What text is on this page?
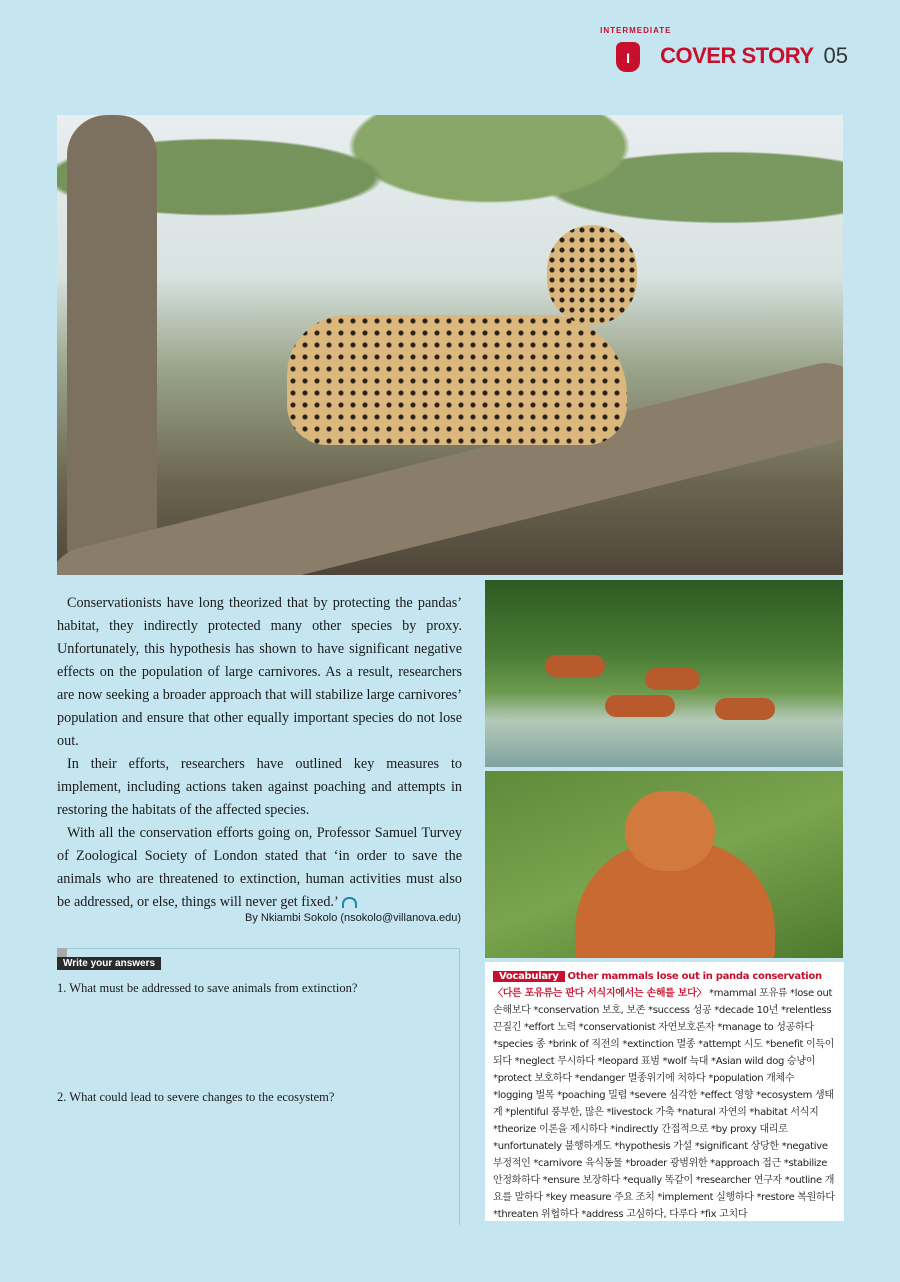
INTERMEDIATE
I	COVER STORY 05

Conservationists have long theorized that by protecting the pandas’ habitat, they indirectly protected many other species by proxy. Unfortunately, this hypothesis has shown to have significant negative effects on the population of large carnivores. As a result, researchers are now seeking a broader approach that will stabilize large carnivores’ population and ensure that other equally important species do not lose out.

In their efforts, researchers have outlined key measures to implement, including actions taken against poaching and attempts in restoring the habitats of the affected species.

With all the conservation efforts going on, Professor Samuel Turvey of Zoological Society of London stated that ‘in order to save the animals who are threatened to extinction, human activities must also be addressed, or else, things will never get fixed.’

By Nkiambi Sokolo (nsokolo@villanova.edu)
Write your answers
1. What must be addressed to save animals from extinction?
2. What could lead to severe changes to the ecosystem?
Vocabulary Other mammals lose out in panda conservation 〈다른 포유류는 판다 서식지에서는 손해를 보다〉 *mammal 포유류 *lose out 손해보다 *conservation 보호, 보존 *success 성공 *decade 10년 *relentless 끈질긴 *effort 노력 *conservationist 자연보호론자 *manage to 성공하다 *species 종 *brink of 직전의 *extinction 멸종 *attempt 시도 *benefit 이득이 되다 *neglect 무시하다 *leopard 표범 *wolf 늑대 *Asian wild dog 승냥이 *protect 보호하다 *endanger 멸종위기에 처하다 *population 개체수 *logging 벌목 *poaching 밀렵 *severe 심각한 *effect 영향 *ecosystem 생태계 *plentiful 풍부한, 많은 *livestock 가축 *natural 자연의 *habitat 서식지 *theorize 이론을 제시하다 *indirectly 간접적으로 *by proxy 대리로 *unfortunately 불행하게도 *hypothesis 가설 *significant 상당한 *negative 부정적인 *carnivore 육식동물 *broader 광범위한 *approach 접근 *stabilize 안정화하다 *ensure 보장하다 *equally 똑같이 *researcher 연구자 *outline 개요를 말하다 *key measure 주요 조치 *implement 실행하다 *restore 복원하다 *threaten 위협하다 *address 고심하다, 다루다 *fix 고치다
